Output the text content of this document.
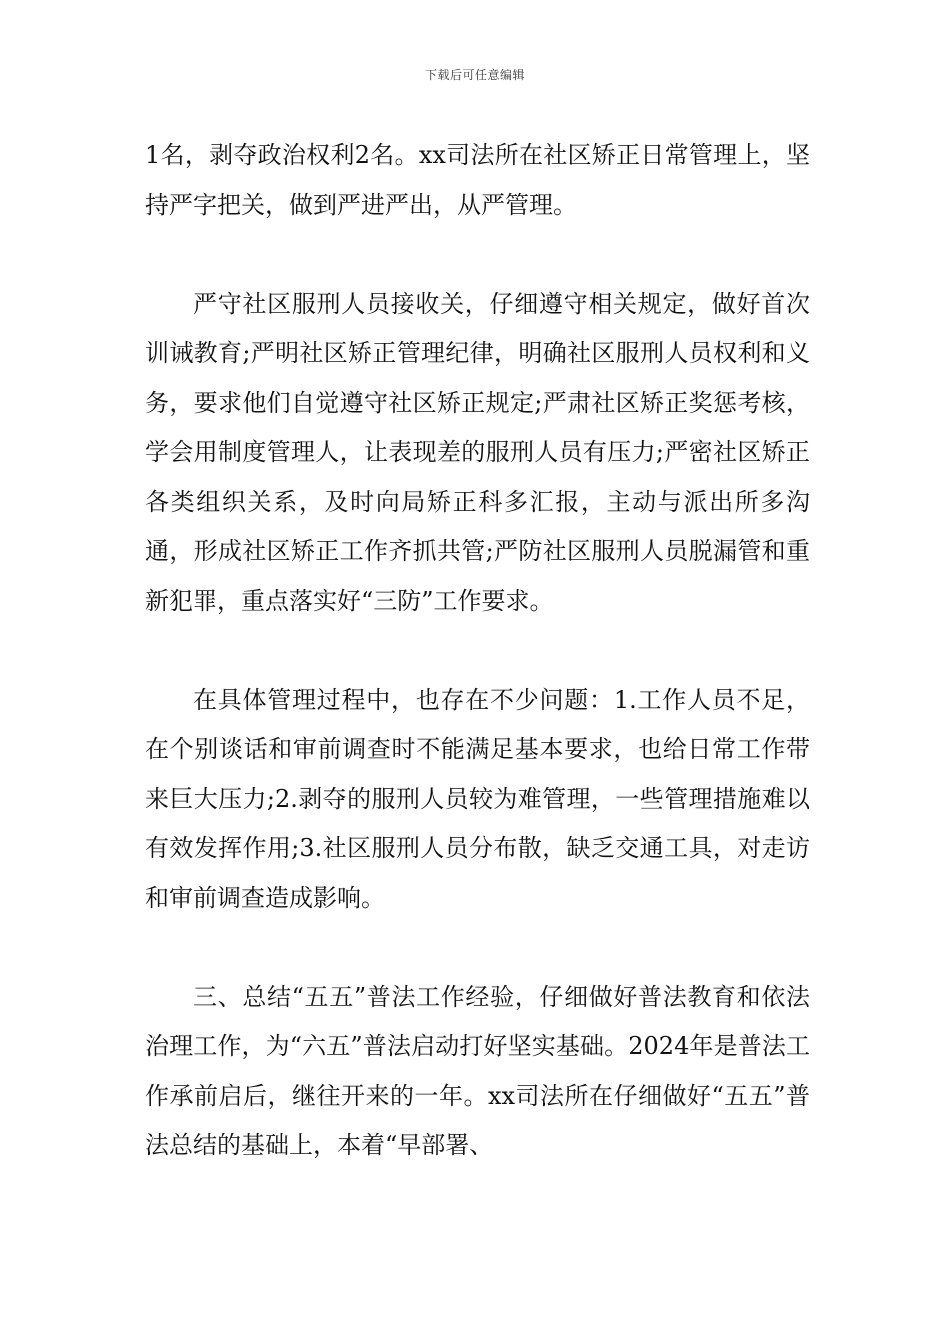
下载后可任意编辑

1名，剥夺政治权利2名。xx司法所在社区矫正日常管理上，坚持严字把关，做到严进严出，从严管理。

严守社区服刑人员接收关，仔细遵守相关规定，做好首次训诫教育;严明社区矫正管理纪律，明确社区服刑人员权利和义务，要求他们自觉遵守社区矫正规定;严肃社区矫正奖惩考核，学会用制度管理人，让表现差的服刑人员有压力;严密社区矫正各类组织关系，及时向局矫正科多汇报，主动与派出所多沟通，形成社区矫正工作齐抓共管;严防社区服刑人员脱漏管和重新犯罪，重点落实好“三防”工作要求。

在具体管理过程中，也存在不少问题：1.工作人员不足，在个别谈话和审前调查时不能满足基本要求，也给日常工作带来巨大压力;2.剥夺的服刑人员较为难管理，一些管理措施难以有效发挥作用;3.社区服刑人员分布散，缺乏交通工具，对走访和审前调查造成影响。

三、总结“五五”普法工作经验，仔细做好普法教育和依法治理工作，为“六五”普法启动打好坚实基础。2024年是普法工作承前启后，继往开来的一年。xx司法所在仔细做好“五五”普法总结的基础上，本着“早部署、
